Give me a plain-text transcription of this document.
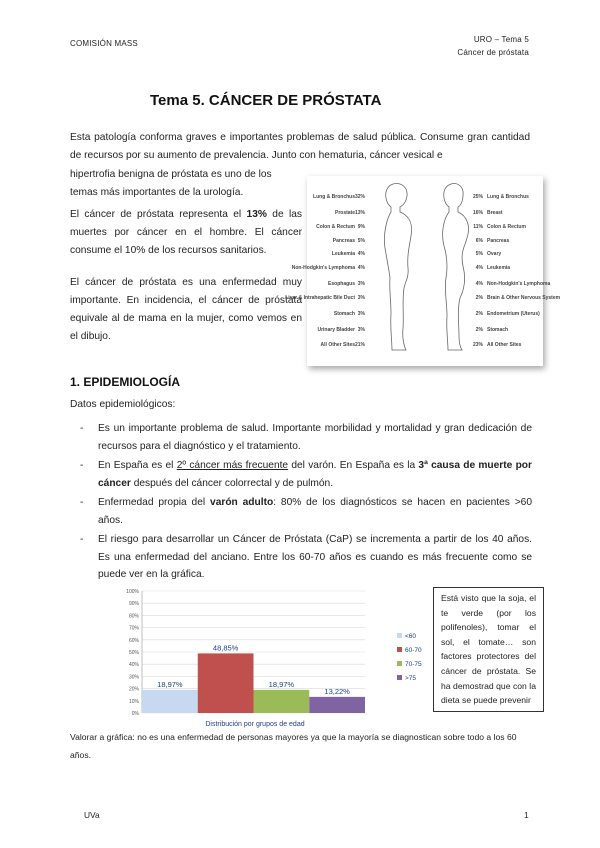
COMISIÓN MASS	URO – Tema 5
Cáncer de próstata
Tema 5. CÁNCER DE PRÓSTATA
Esta patología conforma graves e importantes problemas de salud pública. Consume gran cantidad de recursos por su aumento de prevalencia. Junto con hematuria, cáncer vesical e
hipertrofia benigna de próstata es uno de los temas más importantes de la urología.
El cáncer de próstata representa el 13% de las muertes por cáncer en el hombre. El cáncer consume el 10% de los recursos sanitarios.
El cáncer de próstata es una enfermedad muy importante. En incidencia, el cáncer de próstata equivale al de mama en la mujer, como vemos en el dibujo.
Lung & Bronchus 32%
Prostate 13%
Colon & Rectum 9%
Pancreas 5%
Leukemia 4%
Non-Hodgkin's Lymphoma 4%
Esophagus 3%
Liver & Intrahepatic Bile Duct 3%
Stomach 3%
Urinary Bladder 3%
All Other Sites 21%
25% Lung & Bronchus
16% Breast
11% Colon & Rectum
6% Pancreas
5% Ovary
4% Leukemia
4% Non-Hodgkin's Lymphoma
2% Brain & Other Nervous System
2% Endometrium (Uterus)
2% Stomach
23% All Other Sites
1. EPIDEMIOLOGÍA
Datos epidemiológicos:
- Es un importante problema de salud. Importante morbilidad y mortalidad y gran dedicación de recursos para el diagnóstico y el tratamiento.
- En España es el 2º cáncer más frecuente del varón. En España es la 3ª causa de muerte por cáncer después del cáncer colorrectal y de pulmón.
- Enfermedad propia del varón adulto: 80% de los diagnósticos se hacen en pacientes >60 años.
- El riesgo para desarrollar un Cáncer de Próstata (CaP) se incrementa a partir de los 40 años. Es una enfermedad del anciano. Entre los 60-70 años es cuando es más frecuente como se puede ver en la gráfica.
0%
10%
20%
30%
40%
50%
60%
70%
80%
90%
100%
18,97%
48,85%
18,97%
13,22%
<60
60-70
70-75
>75
Distribución por grupos de edad
Está visto que la soja, el te verde (por los polifenoles), tomar el sol, el tomate… son factores protectores del cáncer de próstata. Se ha demostrad que con la dieta se puede prevenir
Valorar a gráfica: no es una enfermedad de personas mayores ya que la mayoría se diagnostican sobre todo a los 60 años.
UVa	1
